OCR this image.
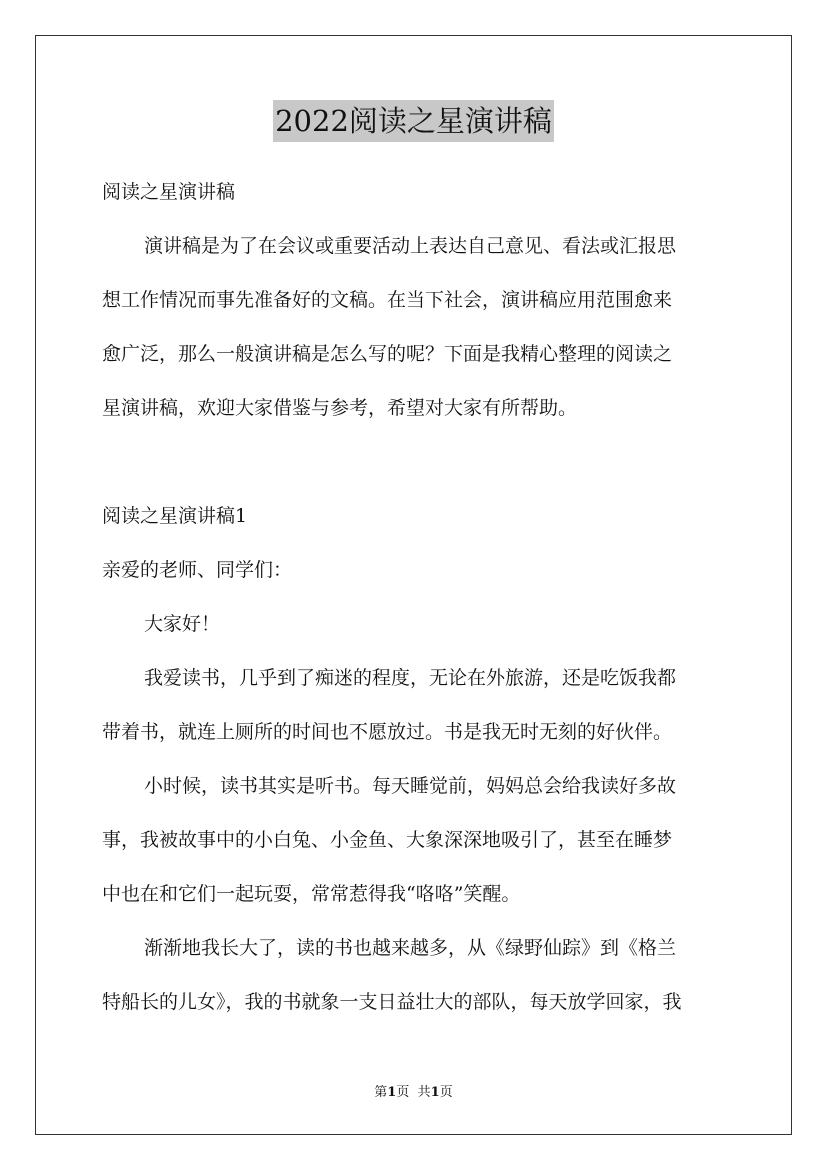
2022阅读之星演讲稿
阅读之星演讲稿
演讲稿是为了在会议或重要活动上表达自己意见、看法或汇报思
想工作情况而事先准备好的文稿。在当下社会，演讲稿应用范围愈来
愈广泛，那么一般演讲稿是怎么写的呢？下面是我精心整理的阅读之
星演讲稿，欢迎大家借鉴与参考，希望对大家有所帮助。
阅读之星演讲稿1
亲爱的老师、同学们：
大家好！
我爱读书，几乎到了痴迷的程度，无论在外旅游，还是吃饭我都
带着书，就连上厕所的时间也不愿放过。书是我无时无刻的好伙伴。
小时候，读书其实是听书。每天睡觉前，妈妈总会给我读好多故
事，我被故事中的小白兔、小金鱼、大象深深地吸引了，甚至在睡梦
中也在和它们一起玩耍，常常惹得我“咯咯”笑醒。
渐渐地我长大了，读的书也越来越多，从《绿野仙踪》到《格兰
特船长的儿女》，我的书就象一支日益壮大的部队，每天放学回家，我
第1页 共1页
